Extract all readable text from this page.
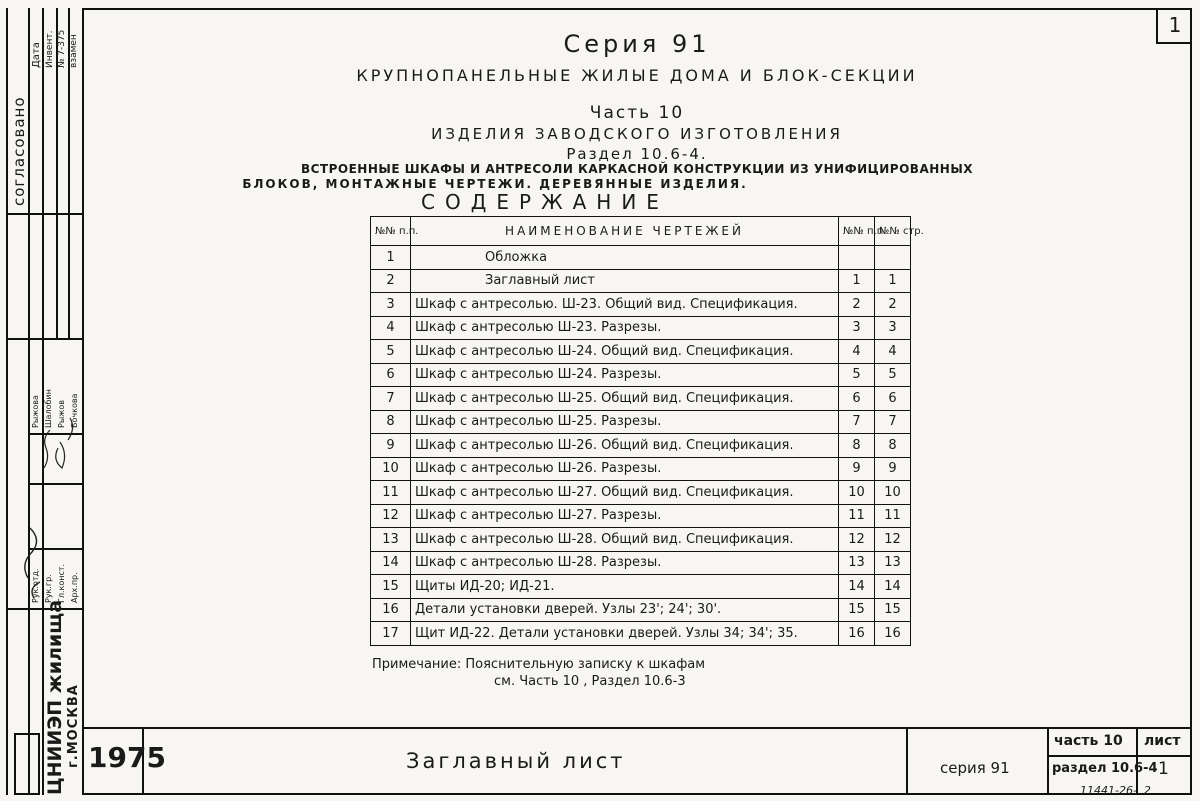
1
согласовано
Дата Инвент. № 7-375 взамен
Рук.отд. Рук.гр. Гл.конст. Арх.пр.
Рыжова Шалобин Рыжов Бочкова
ЦНИИЭП жилища г.МОСКВА
Серия 91
КРУПНОПАНЕЛЬНЫЕ ЖИЛЫЕ ДОМА И БЛОК-СЕКЦИИ
Часть 10
ИЗДЕЛИЯ ЗАВОДСКОГО ИЗГОТОВЛЕНИЯ
Раздел 10.6-4.
ВСТРОЕННЫЕ ШКАФЫ И АНТРЕСОЛИ КАРКАСНОЙ КОНСТРУКЦИИ ИЗ УНИФИЦИРОВАННЫХ
БЛОКОВ, МОНТАЖНЫЕ ЧЕРТЕЖИ. ДЕРЕВЯННЫЕ ИЗДЕЛИЯ.
СОДЕРЖАНИЕ
№№ п.п.	НАИМЕНОВАНИЕ ЧЕРТЕЖЕЙ	№№ п.п.	№№ стр.
1	Обложка		
2	Заглавный лист	1	1
3	Шкаф с антресолью. Ш-23. Общий вид. Спецификация.	2	2
4	Шкаф с антресолью Ш-23. Разрезы.	3	3
5	Шкаф с антресолью Ш-24. Общий вид. Спецификация.	4	4
6	Шкаф с антресолью Ш-24. Разрезы.	5	5
7	Шкаф с антресолью Ш-25. Общий вид. Спецификация.	6	6
8	Шкаф с антресолью Ш-25. Разрезы.	7	7
9	Шкаф с антресолью Ш-26. Общий вид. Спецификация.	8	8
10	Шкаф с антресолью Ш-26. Разрезы.	9	9
11	Шкаф с антресолью Ш-27. Общий вид. Спецификация.	10	10
12	Шкаф с антресолью Ш-27. Разрезы.	11	11
13	Шкаф с антресолью Ш-28. Общий вид. Спецификация.	12	12
14	Шкаф с антресолью Ш-28. Разрезы.	13	13
15	Щиты ИД-20; ИД-21.	14	14
16	Детали установки дверей. Узлы 23'; 24'; 30'.	15	15
17	Щит ИД-22. Детали установки дверей. Узлы 34; 34'; 35.	16	16
Примечание: Пояснительную записку к шкафам
см. Часть 10 , Раздел 10.6-3
1975	Заглавный лист	серия 91
часть 10
раздел 10.6-4
лист
1
11441-26-  2
